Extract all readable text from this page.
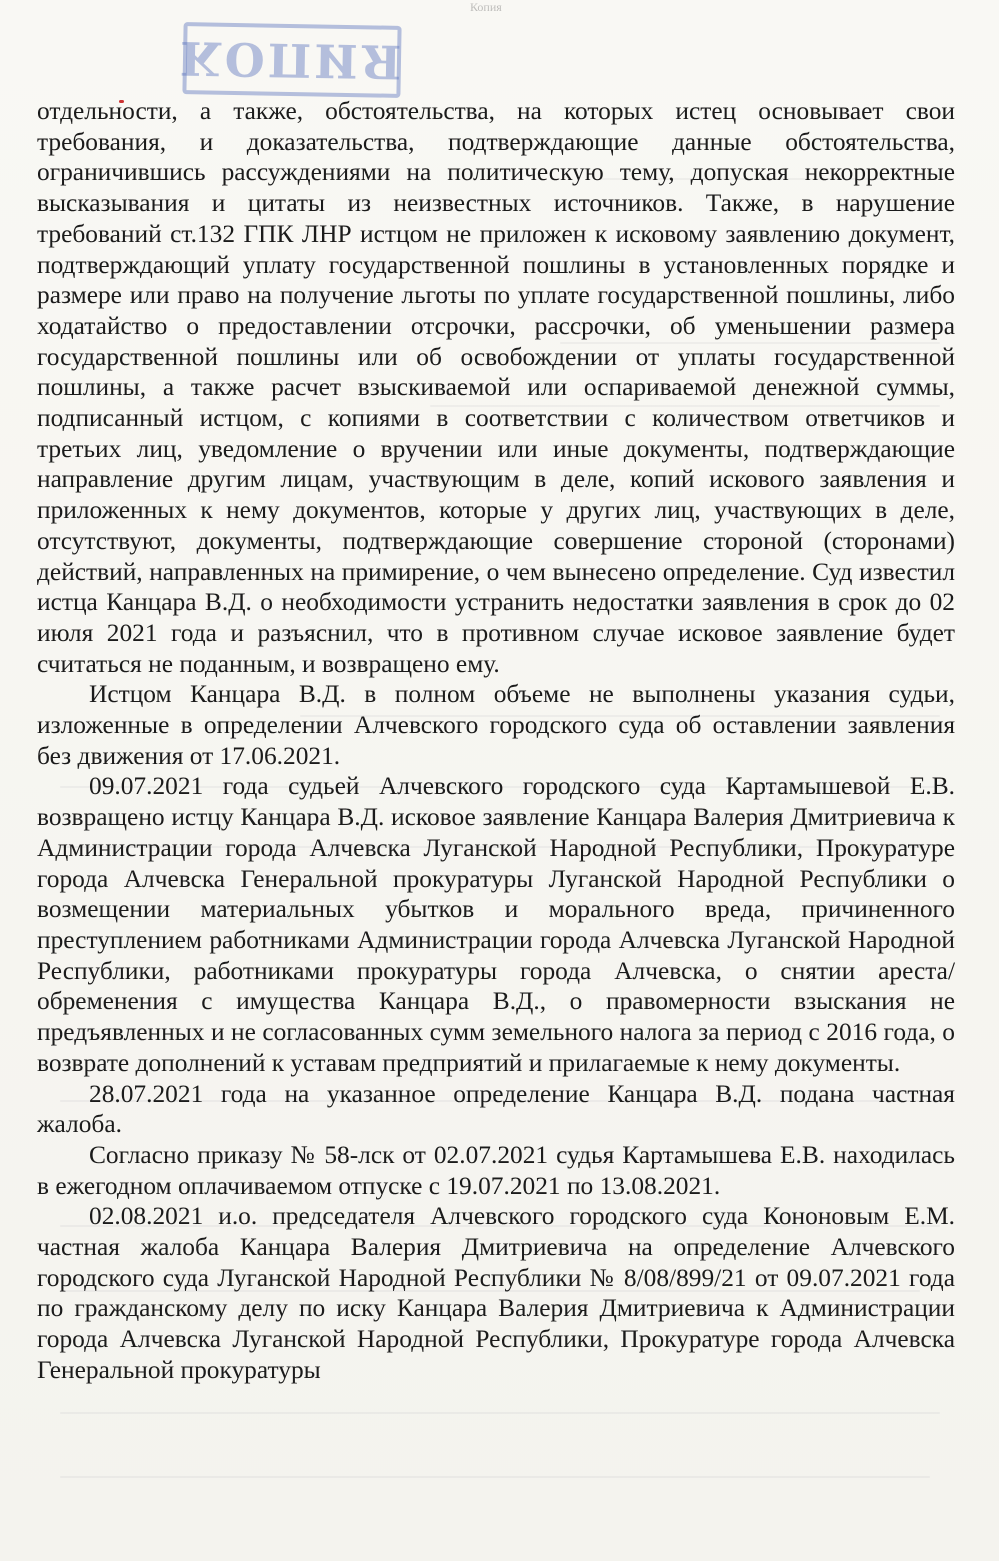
Копия
КОПИЯ

отдельности, а также, обстоятельства, на которых истец основывает свои требования, и доказательства, подтверждающие данные обстоятельства, ограничившись рассуждениями на политическую тему, допуская некорректные высказывания и цитаты из неизвестных источников. Также, в нарушение требований ст.132 ГПК ЛНР истцом не приложен к исковому заявлению документ, подтверждающий уплату государственной пошлины в установленных порядке и размере или право на получение льготы по уплате государственной пошлины, либо ходатайство о предоставлении отсрочки, рассрочки, об уменьшении размера государственной пошлины или об освобождении от уплаты государственной пошлины, а также расчет взыскиваемой или оспариваемой денежной суммы, подписанный истцом, с копиями в соответствии с количеством ответчиков и третьих лиц, уведомление о вручении или иные документы, подтверждающие направление другим лицам, участвующим в деле, копий искового заявления и приложенных к нему документов, которые у других лиц, участвующих в деле, отсутствуют, документы, подтверждающие совершение стороной (сторонами) действий, направленных на примирение, о чем вынесено определение. Суд известил истца Канцара В.Д. о необходимости устранить недостатки заявления в срок до 02 июля 2021 года и разъяснил, что в противном случае исковое заявление будет считаться не поданным, и возвращено ему.

Истцом Канцара В.Д. в полном объеме не выполнены указания судьи, изложенные в определении Алчевского городского суда об оставлении заявления без движения от 17.06.2021.

09.07.2021 года судьей Алчевского городского суда Картамышевой Е.В. возвращено истцу Канцара В.Д. исковое заявление Канцара Валерия Дмитриевича к Администрации города Алчевска Луганской Народной Республики, Прокуратуре города Алчевска Генеральной прокуратуры Луганской Народной Республики о возмещении материальных убытков и морального вреда, причиненного преступлением работниками Администрации города Алчевска Луганской Народной Республики, работниками прокуратуры города Алчевска, о снятии ареста/обременения с имущества Канцара В.Д., о правомерности взыскания не предъявленных и не согласованных сумм земельного налога за период с 2016 года, о возврате дополнений к уставам предприятий и прилагаемые к нему документы.

28.07.2021 года на указанное определение Канцара В.Д. подана частная жалоба.

Согласно приказу № 58-лск от 02.07.2021 судья Картамышева Е.В. находилась в ежегодном оплачиваемом отпуске с 19.07.2021 по 13.08.2021.

02.08.2021 и.о. председателя Алчевского городского суда Кононовым Е.М. частная жалоба Канцара Валерия Дмитриевича на определение Алчевского городского суда Луганской Народной Республики № 8/08/899/21 от 09.07.2021 года по гражданскому делу по иску Канцара Валерия Дмитриевича к Администрации города Алчевска Луганской Народной Республики, Прокуратуре города Алчевска Генеральной прокуратуры
